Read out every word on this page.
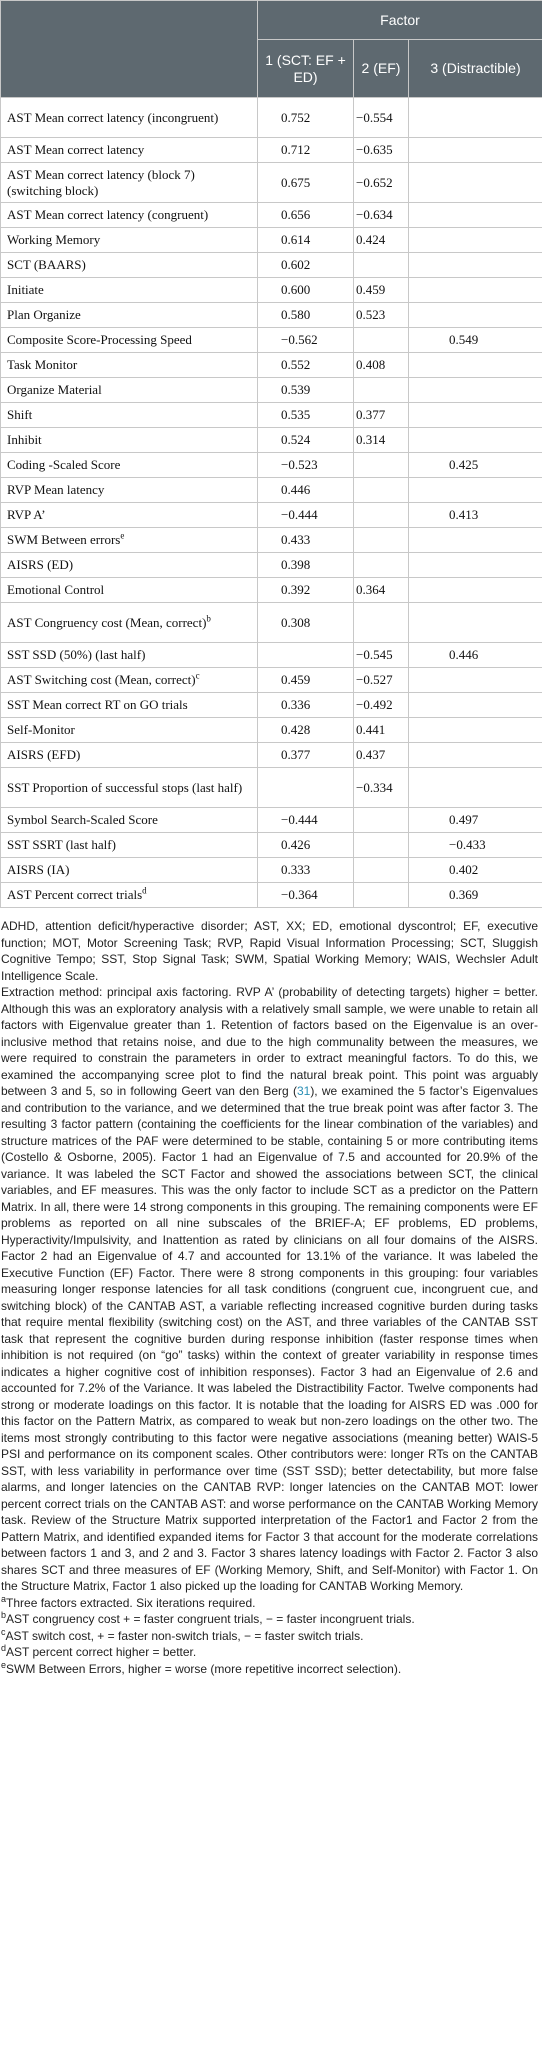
	Factor		
	1 (SCT: EF + ED)	2 (EF)	3 (Distractible)
AST Mean correct latency (incongruent)	0.752	−0.554	
AST Mean correct latency	0.712	−0.635	
AST Mean correct latency (block 7) (switching block)	0.675	−0.652	
AST Mean correct latency (congruent)	0.656	−0.634	
Working Memory	0.614	0.424	
SCT (BAARS)	0.602		
Initiate	0.600	0.459	
Plan Organize	0.580	0.523	
Composite Score-Processing Speed	−0.562		0.549
Task Monitor	0.552	0.408	
Organize Material	0.539		
Shift	0.535	0.377	
Inhibit	0.524	0.314	
Coding -Scaled Score	−0.523		0.425
RVP Mean latency	0.446		
RVP A’	−0.444		0.413
SWM Between errors$^e$	0.433		
AISRS (ED)	0.398		
Emotional Control	0.392	0.364	
AST Congruency cost (Mean, correct)$^b$	0.308		
SST SSD (50%) (last half)		−0.545	0.446
AST Switching cost (Mean, correct)$^c$	0.459	−0.527	
SST Mean correct RT on GO trials	0.336	−0.492	
Self-Monitor	0.428	0.441	
AISRS (EFD)	0.377	0.437	
SST Proportion of successful stops (last half)		−0.334	
Symbol Search-Scaled Score	−0.444		0.497
SST SSRT (last half)	0.426		−0.433
AISRS (IA)	0.333		0.402
AST Percent correct trials$^d$	−0.364		0.369

ADHD, attention deficit/hyperactive disorder; AST, XX; ED, emotional dyscontrol; EF, executive function; MOT, Motor Screening Task; RVP, Rapid Visual Information Processing; SCT, Sluggish Cognitive Tempo; SST, Stop Signal Task; SWM, Spatial Working Memory; WAIS, Wechsler Adult Intelligence Scale.

Extraction method: principal axis factoring. RVP A’ (probability of detecting targets) higher = better. Although this was an exploratory analysis with a relatively small sample, we were unable to retain all factors with Eigenvalue greater than 1. Retention of factors based on the Eigenvalue is an over-inclusive method that retains noise, and due to the high communality between the measures, we were required to constrain the parameters in order to extract meaningful factors. To do this, we examined the accompanying scree plot to find the natural break point. This point was arguably between 3 and 5, so in following Geert van den Berg (31), we examined the 5 factor’s Eigenvalues and contribution to the variance, and we determined that the true break point was after factor 3. The resulting 3 factor pattern (containing the coefficients for the linear combination of the variables) and structure matrices of the PAF were determined to be stable, containing 5 or more contributing items (Costello & Osborne, 2005). Factor 1 had an Eigenvalue of 7.5 and accounted for 20.9% of the variance. It was labeled the SCT Factor and showed the associations between SCT, the clinical variables, and EF measures. This was the only factor to include SCT as a predictor on the Pattern Matrix. In all, there were 14 strong components in this grouping. The remaining components were EF problems as reported on all nine subscales of the BRIEF-A; EF problems, ED problems, Hyperactivity/Impulsivity, and Inattention as rated by clinicians on all four domains of the AISRS. Factor 2 had an Eigenvalue of 4.7 and accounted for 13.1% of the variance. It was labeled the Executive Function (EF) Factor. There were 8 strong components in this grouping: four variables measuring longer response latencies for all task conditions (congruent cue, incongruent cue, and switching block) of the CANTAB AST, a variable reflecting increased cognitive burden during tasks that require mental flexibility (switching cost) on the AST, and three variables of the CANTAB SST task that represent the cognitive burden during response inhibition (faster response times when inhibition is not required (on “go” tasks) within the context of greater variability in response times indicates a higher cognitive cost of inhibition responses). Factor 3 had an Eigenvalue of 2.6 and accounted for 7.2% of the Variance. It was labeled the Distractibility Factor. Twelve components had strong or moderate loadings on this factor. It is notable that the loading for AISRS ED was .000 for this factor on the Pattern Matrix, as compared to weak but non-zero loadings on the other two. The items most strongly contributing to this factor were negative associations (meaning better) WAIS-5 PSI and performance on its component scales. Other contributors were: longer RTs on the CANTAB SST, with less variability in performance over time (SST SSD); better detectability, but more false alarms, and longer latencies on the CANTAB RVP: longer latencies on the CANTAB MOT: lower percent correct trials on the CANTAB AST: and worse performance on the CANTAB Working Memory task. Review of the Structure Matrix supported interpretation of the Factor1 and Factor 2 from the Pattern Matrix, and identified expanded items for Factor 3 that account for the moderate correlations between factors 1 and 3, and 2 and 3. Factor 3 shares latency loadings with Factor 2. Factor 3 also shares SCT and three measures of EF (Working Memory, Shift, and Self-Monitor) with Factor 1. On the Structure Matrix, Factor 1 also picked up the loading for CANTAB Working Memory.

$^a$Three factors extracted. Six iterations required.

$^b$AST congruency cost + = faster congruent trials, − = faster incongruent trials.

$^c$AST switch cost, + = faster non-switch trials, − = faster switch trials.

$^d$AST percent correct higher = better.

$^e$SWM Between Errors, higher = worse (more repetitive incorrect selection).
